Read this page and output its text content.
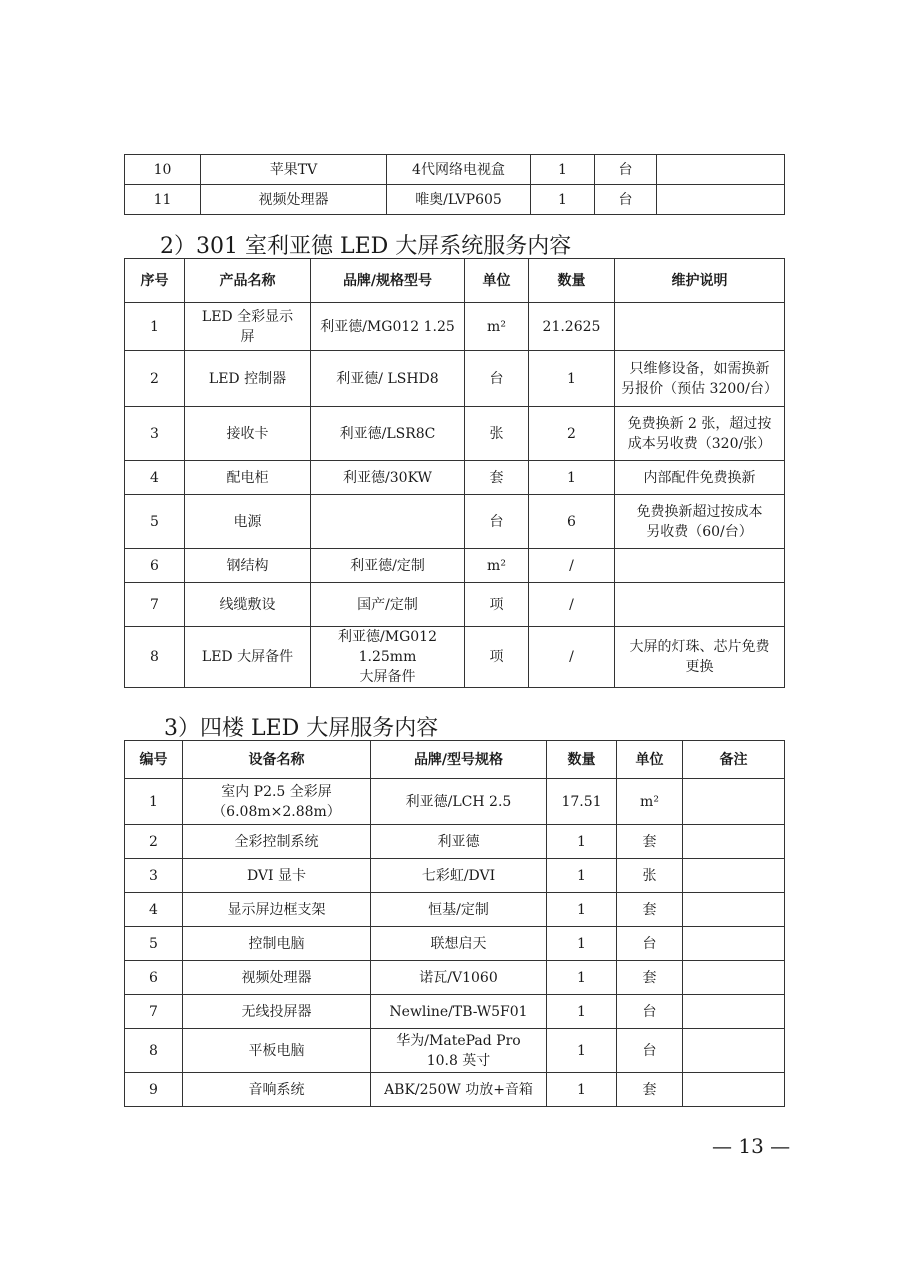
10	苹果TV	4代网络电视盒	1	台	
11	视频处理器	唯奥/LVP605	1	台	
2）301 室利亚德 LED 大屏系统服务内容
序号	产品名称	品牌/规格型号	单位	数量	维护说明
1	LED 全彩显示
屏	利亚德/MG012 1.25	m²	21.2625	
2	LED 控制器	利亚德/ LSHD8	台	1	只维修设备，如需换新
另报价（预估 3200/台）
3	接收卡	利亚德/LSR8C	张	2	免费换新 2 张，超过按
成本另收费（320/张）
4	配电柜	利亚德/30KW	套	1	内部配件免费换新
5	电源		台	6	免费换新超过按成本
另收费（60/台）
6	钢结构	利亚德/定制	m²	/	
7	线缆敷设	国产/定制	项	/	
8	LED 大屏备件	利亚德/MG012 1.25mm
大屏备件	项	/	大屏的灯珠、芯片免费
更换
3）四楼 LED 大屏服务内容
编号	设备名称	品牌/型号规格	数量	单位	备注
1	室内 P2.5 全彩屏
（6.08m×2.88m）	利亚德/LCH 2.5	17.51	m²	
2	全彩控制系统	利亚德	1	套	
3	DVI 显卡	七彩虹/DVI	1	张	
4	显示屏边框支架	恒基/定制	1	套	
5	控制电脑	联想启天	1	台	
6	视频处理器	诺瓦/V1060	1	套	
7	无线投屏器	Newline/TB-W5F01	1	台	
8	平板电脑	华为/MatePad Pro
10.8 英寸	1	台	
9	音响系统	ABK/250W 功放+音箱	1	套	
— 13 —
